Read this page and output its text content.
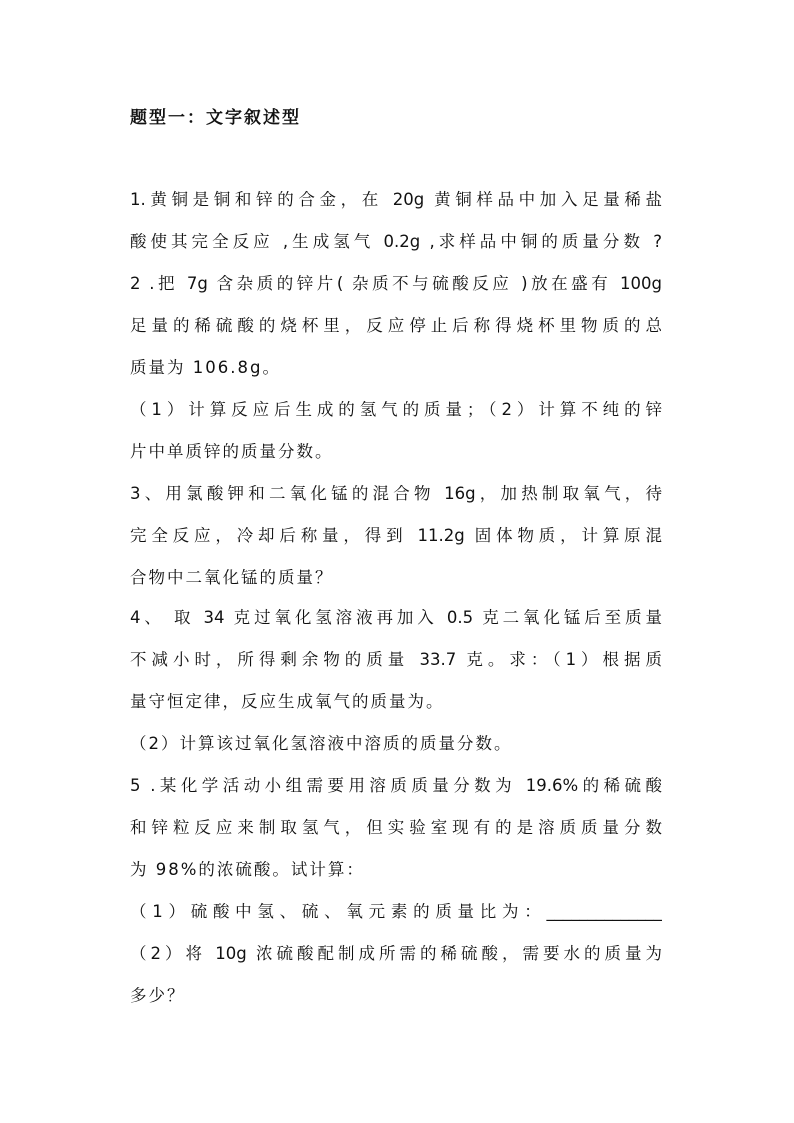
题型一：文字叙述型
1.黄铜是铜和锌的合金，在 20g 黄铜样品中加入足量稀盐
酸使其完全反应 ,生成氢气 0.2g ,求样品中铜的质量分数 ?
2 .把 7g 含杂质的锌片( 杂质不与硫酸反应 )放在盛有 100g
足量的稀硫酸的烧杯里，反应停止后称得烧杯里物质的总
质量为 106.8g。
（1）计算反应后生成的氢气的质量；（2）计算不纯的锌
片中单质锌的质量分数。
3、用氯酸钾和二氧化锰的混合物 16g，加热制取氧气，待
完全反应，冷却后称量，得到 11.2g 固体物质，计算原混
合物中二氧化锰的质量？
4、 取 34 克过氧化氢溶液再加入 0.5 克二氧化锰后至质量
不减小时，所得剩余物的质量 33.7 克。求：（1）根据质
量守恒定律，反应生成氧气的质量为。
（2）计算该过氧化氢溶液中溶质的质量分数。
5 .某化学活动小组需要用溶质质量分数为 19.6%的稀硫酸
和锌粒反应来制取氢气，但实验室现有的是溶质质量分数
为 98%的浓硫酸。试计算：
（1）硫酸中氢、硫、氧元素的质量比为：______________
（2）将 10g 浓硫酸配制成所需的稀硫酸，需要水的质量为
多少？
